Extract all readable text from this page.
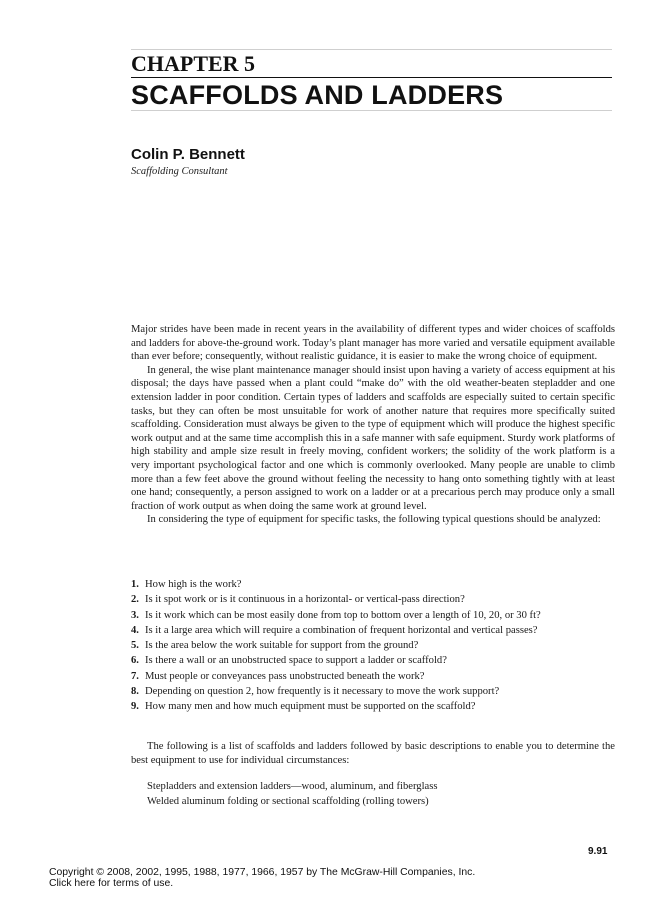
CHAPTER 5
SCAFFOLDS AND LADDERS
Colin P. Bennett
Scaffolding Consultant

Major strides have been made in recent years in the availability of different types and wider choices of scaffolds and ladders for above-the-ground work. Today’s plant manager has more varied and versatile equipment available than ever before; consequently, without realistic guidance, it is easier to make the wrong choice of equipment.

In general, the wise plant maintenance manager should insist upon having a variety of access equipment at his disposal; the days have passed when a plant could “make do” with the old weather-beaten stepladder and one extension ladder in poor condition. Certain types of ladders and scaffolds are especially suited to certain specific tasks, but they can often be most unsuitable for work of another nature that requires more specifically suited scaffolding. Consideration must always be given to the type of equipment which will produce the highest specific work output and at the same time accomplish this in a safe manner with safe equipment. Sturdy work platforms of high stability and ample size result in freely moving, confident workers; the solidity of the work platform is a very important psychological factor and one which is commonly overlooked. Many people are unable to climb more than a few feet above the ground without feeling the necessity to hang onto something tightly with at least one hand; consequently, a person assigned to work on a ladder or at a precarious perch may produce only a small fraction of work output as when doing the same work at ground level.

In considering the type of equipment for specific tasks, the following typical questions should be analyzed:

1. How high is the work?
2. Is it spot work or is it continuous in a horizontal- or vertical-pass direction?
3. Is it work which can be most easily done from top to bottom over a length of 10, 20, or 30 ft?
4. Is it a large area which will require a combination of frequent horizontal and vertical passes?
5. Is the area below the work suitable for support from the ground?
6. Is there a wall or an unobstructed space to support a ladder or scaffold?
7. Must people or conveyances pass unobstructed beneath the work?
8. Depending on question 2, how frequently is it necessary to move the work support?
9. How many men and how much equipment must be supported on the scaffold?

The following is a list of scaffolds and ladders followed by basic descriptions to enable you to determine the best equipment to use for individual circumstances:

Stepladders and extension ladders—wood, aluminum, and fiberglass
Welded aluminum folding or sectional scaffolding (rolling towers)
9.91
Copyright © 2008, 2002, 1995, 1988, 1977, 1966, 1957 by The McGraw-Hill Companies, Inc.
Click here for terms of use.
